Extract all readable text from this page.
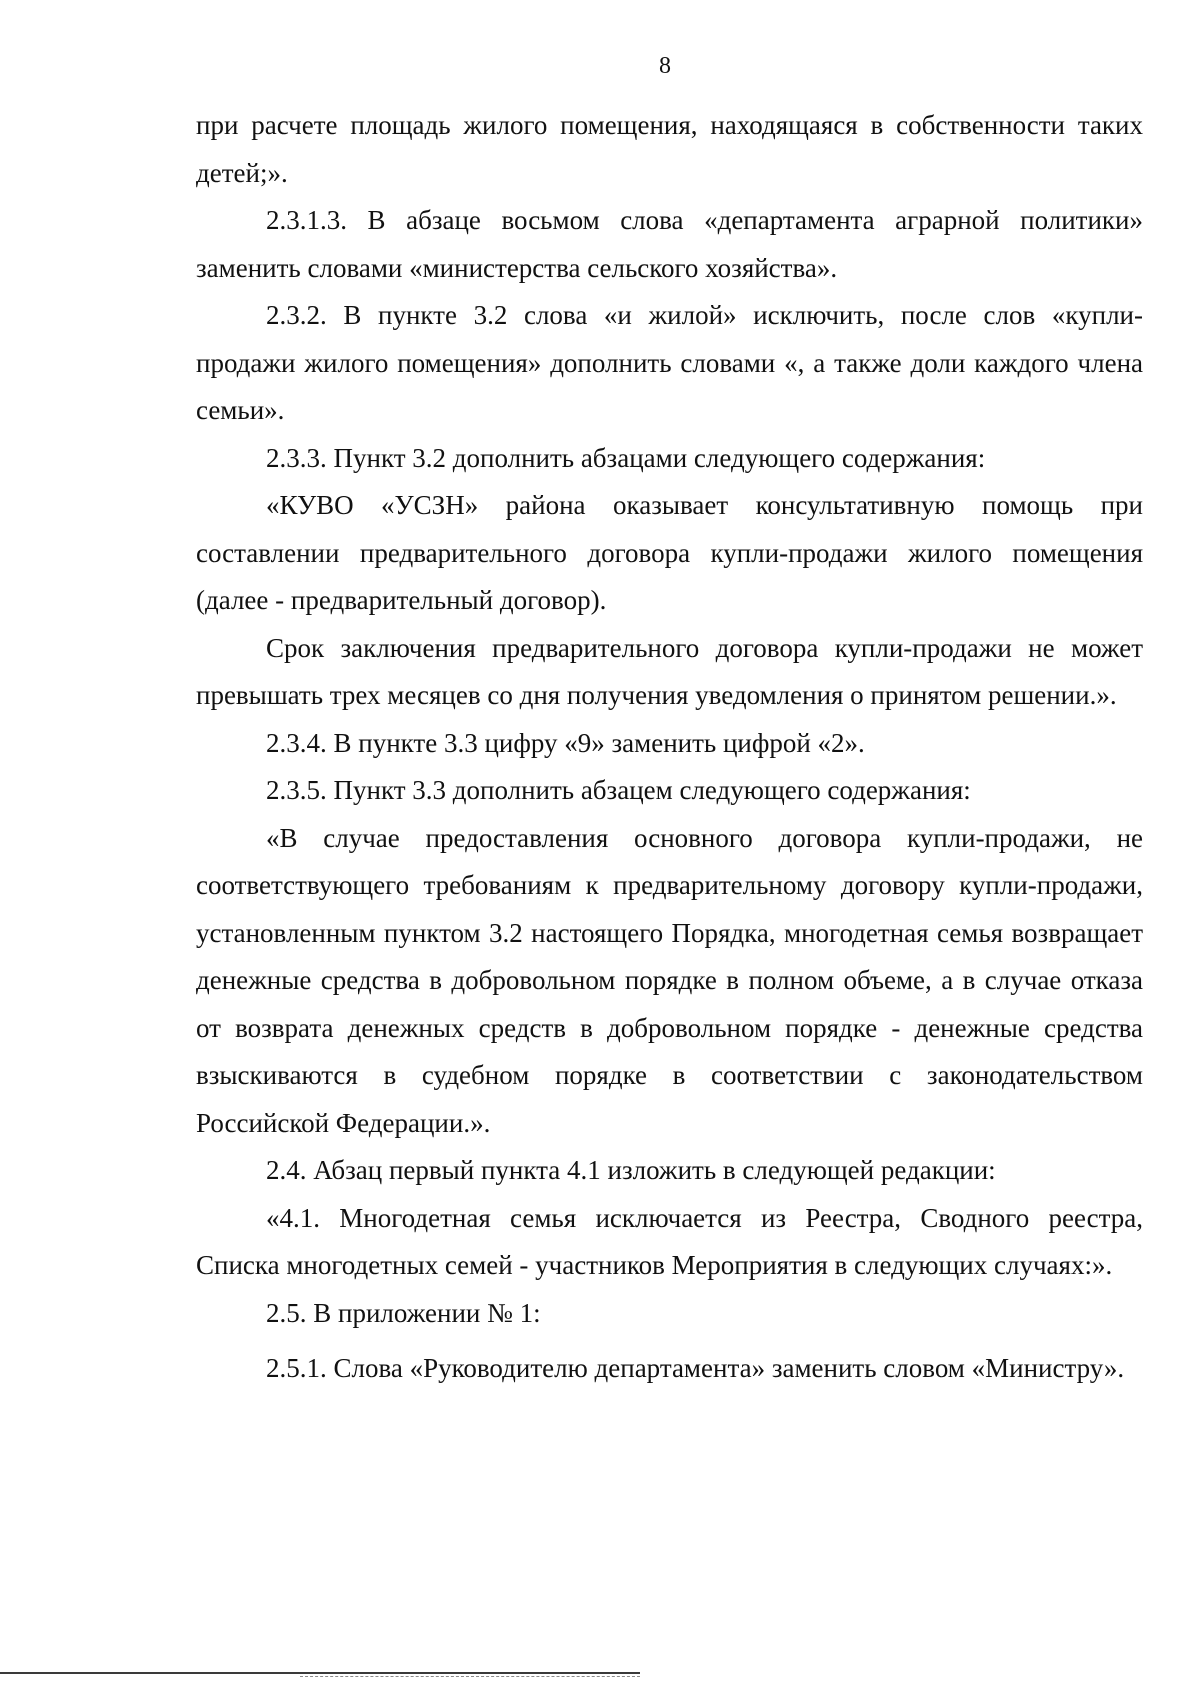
8

при расчете площадь жилого помещения, находящаяся в собственности таких детей;».

2.3.1.3. В абзаце восьмом слова «департамента аграрной политики» заменить словами «министерства сельского хозяйства».

2.3.2. В пункте 3.2 слова «и жилой» исключить, после слов «купли-продажи жилого помещения» дополнить словами «, а также доли каждого члена семьи».

2.3.3. Пункт 3.2 дополнить абзацами следующего содержания:

«КУВО «УСЗН» района оказывает консультативную помощь при составлении предварительного договора купли-продажи жилого помещения (далее - предварительный договор).

Срок заключения предварительного договора купли-продажи не может превышать трех месяцев со дня получения уведомления о принятом решении.».

2.3.4. В пункте 3.3 цифру «9» заменить цифрой «2».

2.3.5. Пункт 3.3 дополнить абзацем следующего содержания:

«В случае предоставления основного договора купли-продажи, не соответствующего требованиям к предварительному договору купли-продажи, установленным пунктом 3.2 настоящего Порядка, многодетная семья возвращает денежные средства в добровольном порядке в полном объеме, а в случае отказа от возврата денежных средств в добровольном порядке - денежные средства взыскиваются в судебном порядке в соответствии с законодательством Российской Федерации.».

2.4. Абзац первый пункта 4.1 изложить в следующей редакции:

«4.1. Многодетная семья исключается из Реестра, Сводного реестра, Списка многодетных семей - участников Мероприятия в следующих случаях:».

2.5. В приложении № 1:

2.5.1. Слова «Руководителю департамента» заменить словом «Министру».
